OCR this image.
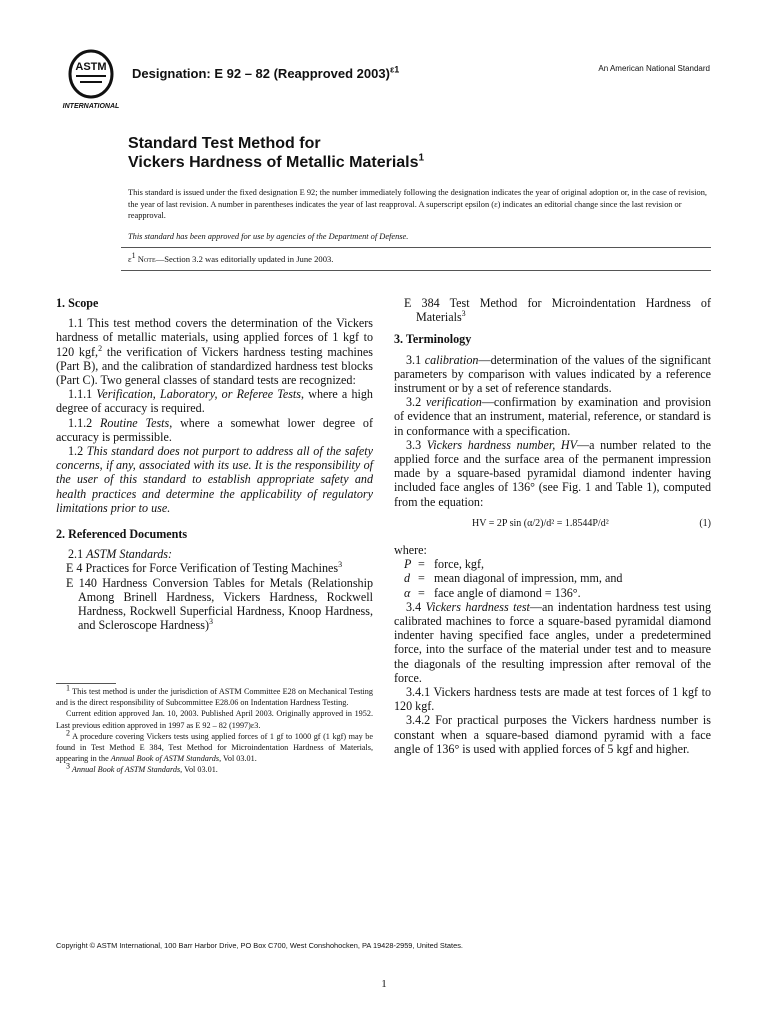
ASTM
INTERNATIONAL
Designation: E 92 – 82 (Reapproved 2003)$^{\varepsilon 1}$	An American National Standard
Standard Test Method for
Vickers Hardness of Metallic Materials$^1$
This standard is issued under the fixed designation E 92; the number immediately following the designation indicates the year of original adoption or, in the case of revision, the year of last revision. A number in parentheses indicates the year of last reapproval. A superscript epsilon (ε) indicates an editorial change since the last revision or reapproval.
This standard has been approved for use by agencies of the Department of Defense.
$\varepsilon^1$ Note—Section 3.2 was editorially updated in June 2003.
1. Scope

1.1 This test method covers the determination of the Vickers hardness of metallic materials, using applied forces of 1 kgf to 120 kgf,$^2$ the verification of Vickers hardness testing machines (Part B), and the calibration of standardized hardness test blocks (Part C). Two general classes of standard tests are recognized:

1.1.1 Verification, Laboratory, or Referee Tests, where a high degree of accuracy is required.

1.1.2 Routine Tests, where a somewhat lower degree of accuracy is permissible.

1.2 This standard does not purport to address all of the safety concerns, if any, associated with its use. It is the responsibility of the user of this standard to establish appropriate safety and health practices and determine the applicability of regulatory limitations prior to use.

2. Referenced Documents

2.1 ASTM Standards:

E 4 Practices for Force Verification of Testing Machines$^3$

E 140 Hardness Conversion Tables for Metals (Relationship Among Brinell Hardness, Vickers Hardness, Rockwell Hardness, Rockwell Superficial Hardness, Knoop Hardness, and Scleroscope Hardness)$^3$

$^1$ This test method is under the jurisdiction of ASTM Committee E28 on Mechanical Testing and is the direct responsibility of Subcommittee E28.06 on Indentation Hardness Testing.

Current edition approved Jan. 10, 2003. Published April 2003. Originally approved in 1952. Last previous edition approved in 1997 as E 92 – 82 (1997)ε3.

$^2$ A procedure covering Vickers tests using applied forces of 1 gf to 1000 gf (1 kgf) may be found in Test Method E 384, Test Method for Microindentation Hardness of Materials, appearing in the Annual Book of ASTM Standards, Vol 03.01.

$^3$ Annual Book of ASTM Standards, Vol 03.01.

E 384 Test Method for Microindentation Hardness of Materials$^3$

3. Terminology

3.1 calibration—determination of the values of the significant parameters by comparison with values indicated by a reference instrument or by a set of reference standards.

3.2 verification—confirmation by examination and provision of evidence that an instrument, material, reference, or standard is in conformance with a specification.

3.3 Vickers hardness number, HV—a number related to the applied force and the surface area of the permanent impression made by a square-based pyramidal diamond indenter having included face angles of 136° (see Fig. 1 and Table 1), computed from the equation:

HV = 2P sin (α/2)/d² = 1.8544P/d²	(1)

where:

P = force, kgf,
d = mean diagonal of impression, mm, and
α = face angle of diamond = 136°.

3.4 Vickers hardness test—an indentation hardness test using calibrated machines to force a square-based pyramidal diamond indenter having specified face angles, under a predetermined force, into the surface of the material under test and to measure the diagonals of the resulting impression after removal of the force.

3.4.1 Vickers hardness tests are made at test forces of 1 kgf to 120 kgf.

3.4.2 For practical purposes the Vickers hardness number is constant when a square-based diamond pyramid with a face angle of 136° is used with applied forces of 5 kgf and higher.

Copyright © ASTM International, 100 Barr Harbor Drive, PO Box C700, West Conshohocken, PA 19428-2959, United States.
1
